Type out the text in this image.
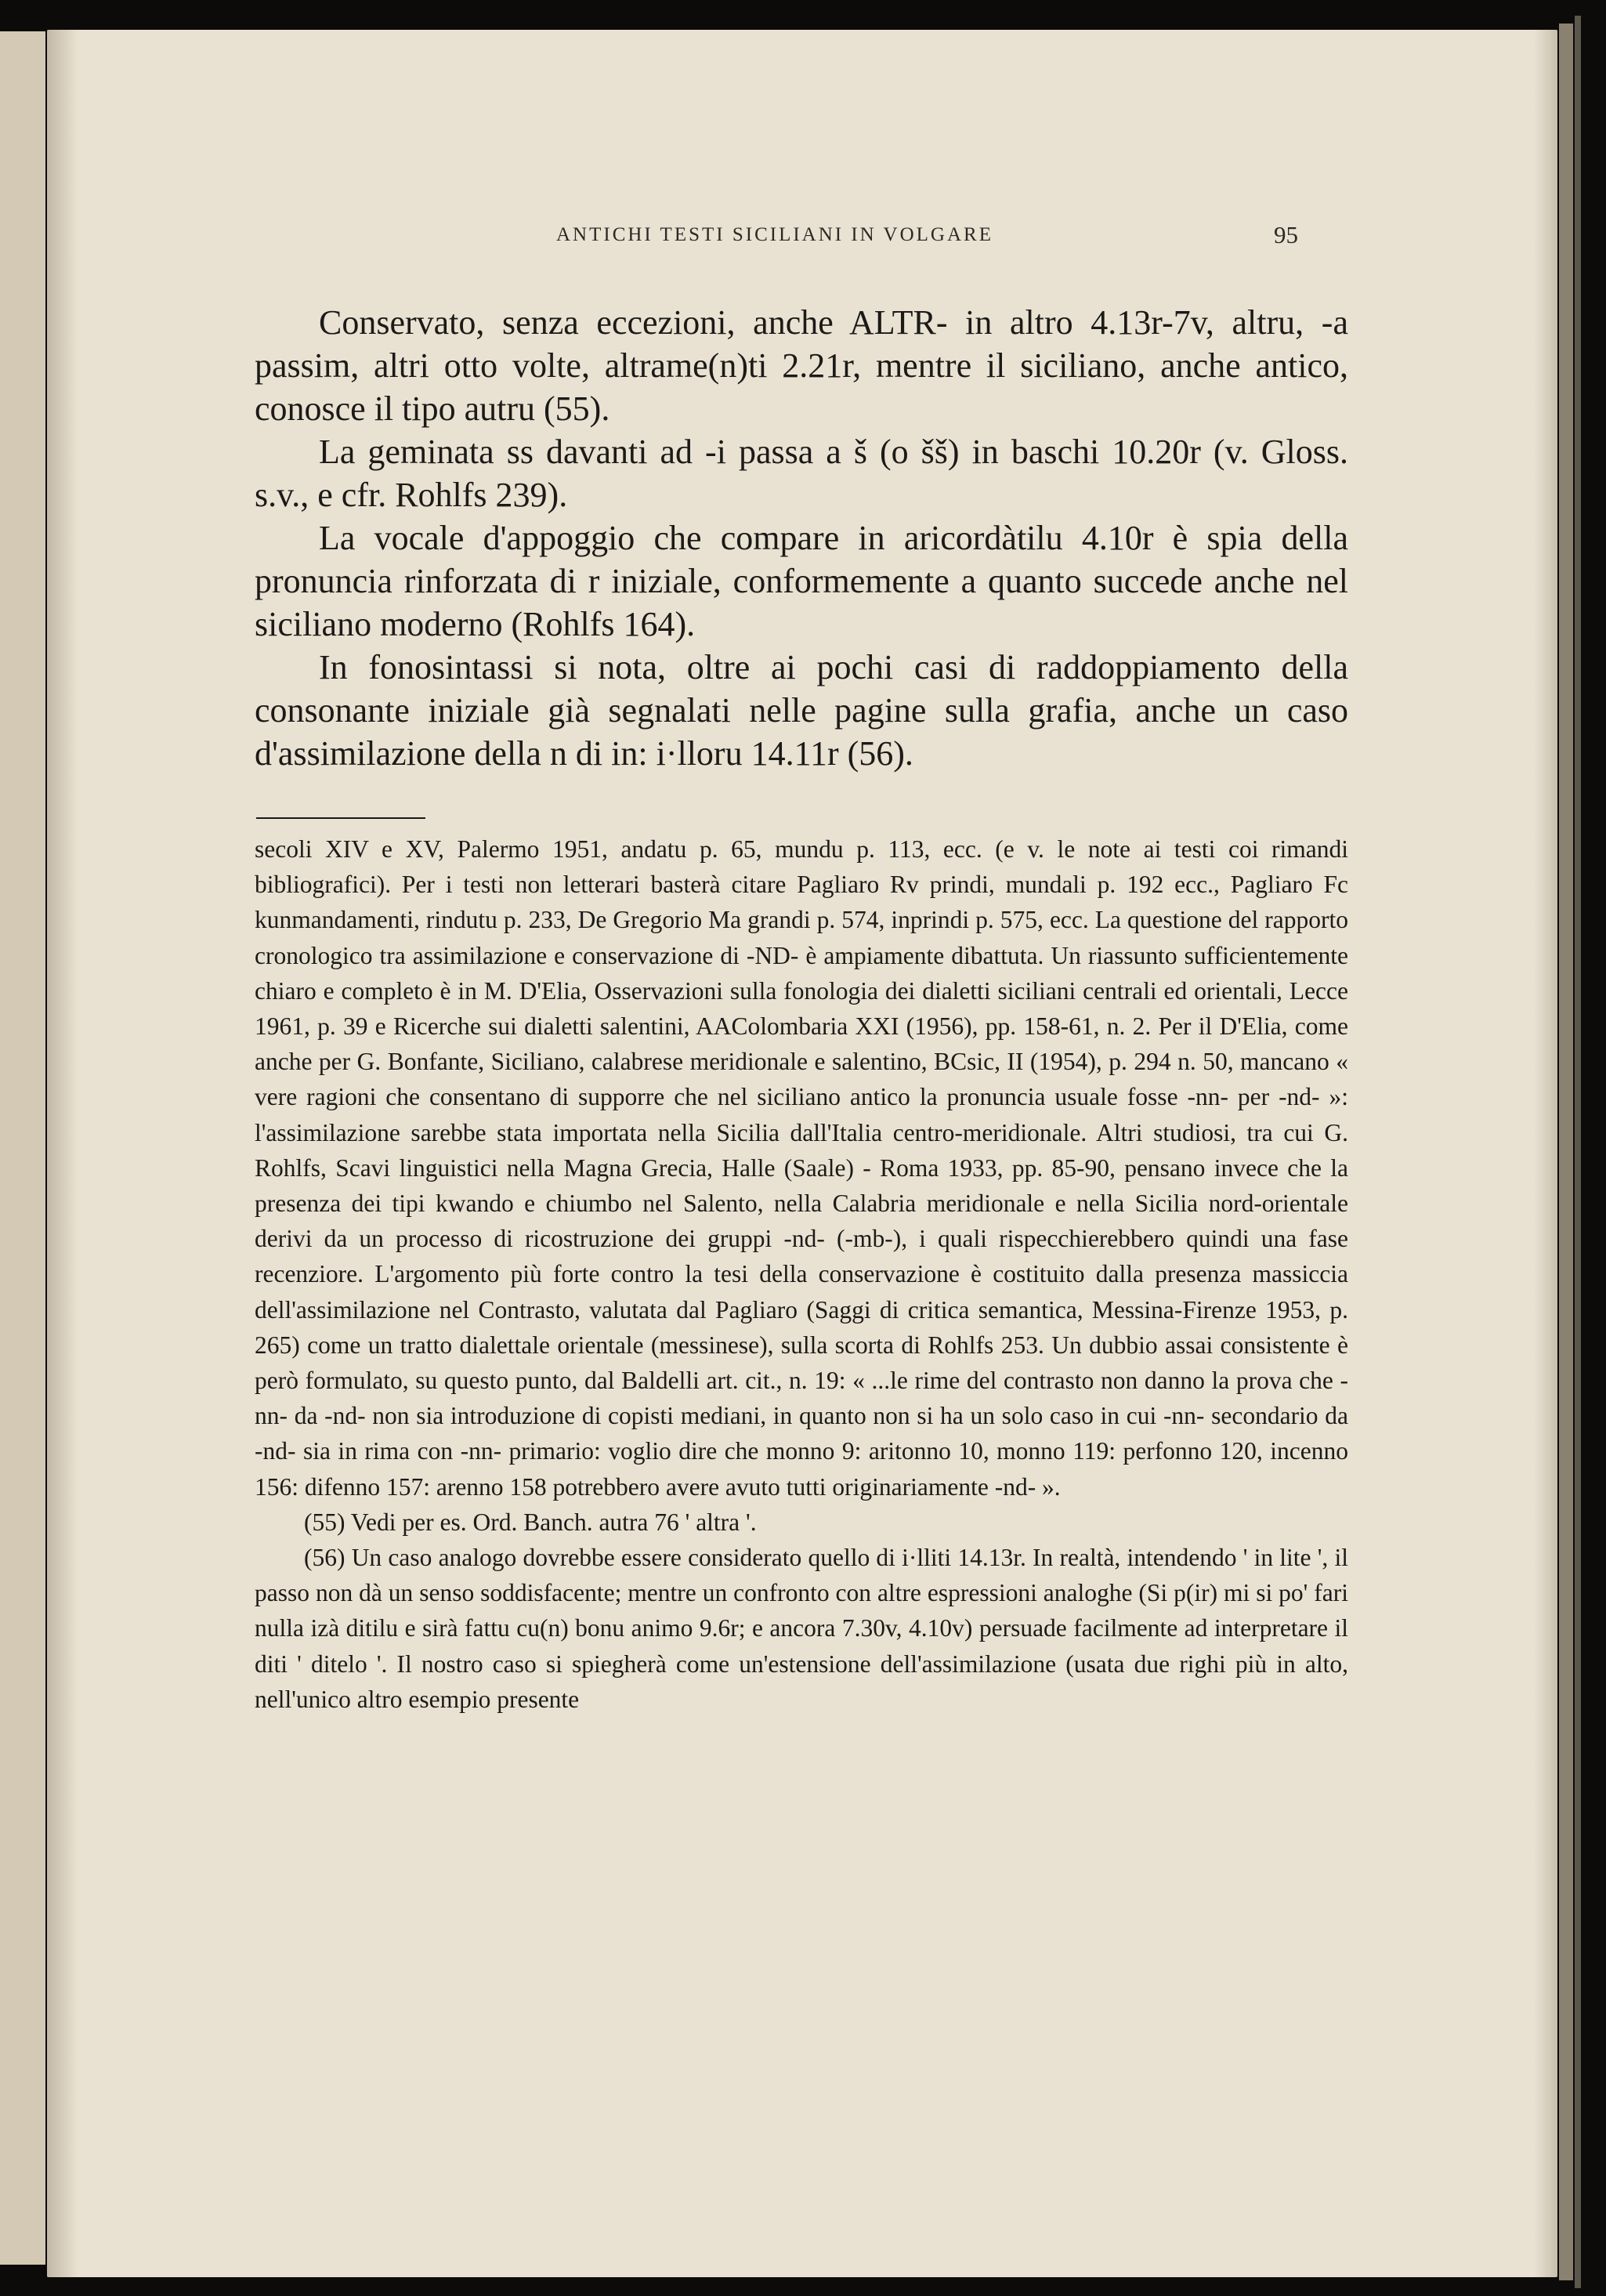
ANTICHI TESTI SICILIANI IN VOLGARE	95

Conservato, senza eccezioni, anche ALTR- in altro 4.13r-7v, altru, -a passim, altri otto volte, altrame(n)ti 2.21r, mentre il siciliano, anche antico, conosce il tipo autru (55).

La geminata ss davanti ad -i passa a š (o šš) in baschi 10.20r (v. Gloss. s.v., e cfr. Rohlfs 239).

La vocale d'appoggio che compare in aricordàtilu 4.10r è spia della pronuncia rinforzata di r iniziale, conformemente a quanto succede anche nel siciliano moderno (Rohlfs 164).

In fonosintassi si nota, oltre ai pochi casi di raddoppiamento della consonante iniziale già segnalati nelle pagine sulla grafia, anche un caso d'assimilazione della n di in: i·lloru 14.11r (56).

secoli XIV e XV, Palermo 1951, andatu p. 65, mundu p. 113, ecc. (e v. le note ai testi coi rimandi bibliografici). Per i testi non letterari basterà citare Pagliaro Rv prindi, mundali p. 192 ecc., Pagliaro Fc kunmandamenti, rindutu p. 233, De Gregorio Ma grandi p. 574, inprindi p. 575, ecc. La questione del rapporto cronologico tra assimilazione e conservazione di -ND- è ampiamente dibattuta. Un riassunto sufficientemente chiaro e completo è in M. D'Elia, Osservazioni sulla fonologia dei dialetti siciliani centrali ed orientali, Lecce 1961, p. 39 e Ricerche sui dialetti salentini, AAColombaria XXI (1956), pp. 158-61, n. 2. Per il D'Elia, come anche per G. Bonfante, Siciliano, calabrese meridionale e salentino, BCsic, II (1954), p. 294 n. 50, mancano « vere ragioni che consentano di supporre che nel siciliano antico la pronuncia usuale fosse -nn- per -nd- »: l'assimilazione sarebbe stata importata nella Sicilia dall'Italia centro-meridionale. Altri studiosi, tra cui G. Rohlfs, Scavi linguistici nella Magna Grecia, Halle (Saale) - Roma 1933, pp. 85-90, pensano invece che la presenza dei tipi kwando e chiumbo nel Salento, nella Calabria meridionale e nella Sicilia nord-orientale derivi da un processo di ricostruzione dei gruppi -nd- (-mb-), i quali rispecchierebbero quindi una fase recenziore. L'argomento più forte contro la tesi della conservazione è costituito dalla presenza massiccia dell'assimilazione nel Contrasto, valutata dal Pagliaro (Saggi di critica semantica, Messina-Firenze 1953, p. 265) come un tratto dialettale orientale (messinese), sulla scorta di Rohlfs 253. Un dubbio assai consistente è però formulato, su questo punto, dal Baldelli art. cit., n. 19: « ...le rime del contrasto non danno la prova che -nn- da -nd- non sia introduzione di copisti mediani, in quanto non si ha un solo caso in cui -nn- secondario da -nd- sia in rima con -nn- primario: voglio dire che monno 9: aritonno 10, monno 119: perfonno 120, incenno 156: difenno 157: arenno 158 potrebbero avere avuto tutti originariamente -nd- ».

(55) Vedi per es. Ord. Banch. autra 76 ' altra '.

(56) Un caso analogo dovrebbe essere considerato quello di i·lliti 14.13r. In realtà, intendendo ' in lite ', il passo non dà un senso soddisfacente; mentre un confronto con altre espressioni analoghe (Si p(ir) mi si po' fari nulla izà ditilu e sirà fattu cu(n) bonu animo 9.6r; e ancora 7.30v, 4.10v) persuade facilmente ad interpretare il diti ' ditelo '. Il nostro caso si spiegherà come un'estensione dell'assimilazione (usata due righi più in alto, nell'unico altro esempio presente
